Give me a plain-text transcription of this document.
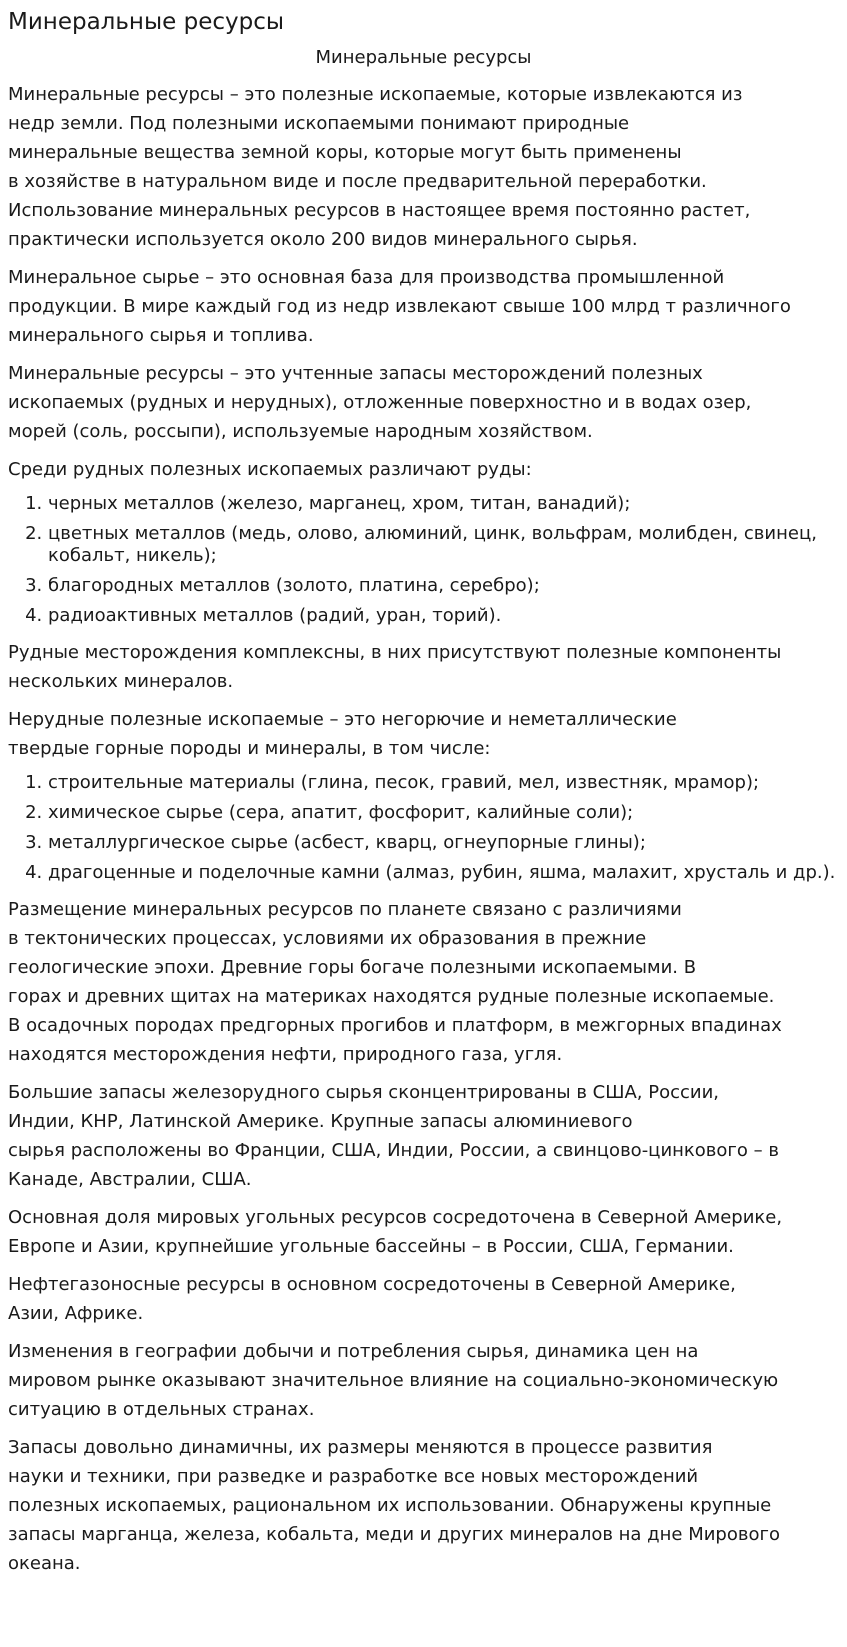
Минеральные ресурсы
Минеральные ресурсы

Минеральные ресурсы – это полезные ископаемые, которые извлекаются из
недр земли. Под полезными ископаемыми понимают природные
минеральные вещества земной коры, которые могут быть применены
в хозяйстве в натуральном виде и после предварительной переработки.
Использование минеральных ресурсов в настоящее время постоянно растет,
практически используется около 200 видов минерального сырья.

Минеральное сырье – это основная база для производства промышленной
продукции. В мире каждый год из недр извлекают свыше 100 млрд т различного
минерального сырья и топлива.

Минеральные ресурсы – это учтенные запасы месторождений полезных
ископаемых (рудных и нерудных), отложенные поверхностно и в водах озер,
морей (соль, россыпи), используемые народным хозяйством.

Среди рудных полезных ископаемых различают руды:

1. черных металлов (железо, марганец, хром, титан, ванадий);
2. цветных металлов (медь, олово, алюминий, цинк, вольфрам, молибден, свинец, кобальт, никель);
3. благородных металлов (золото, платина, серебро);
4. радиоактивных металлов (радий, уран, торий).

Рудные месторождения комплексны, в них присутствуют полезные компоненты
нескольких минералов.

Нерудные полезные ископаемые – это негорючие и неметаллические
твердые горные породы и минералы, в том числе:

1. строительные материалы (глина, песок, гравий, мел, известняк, мрамор);
2. химическое сырье (сера, апатит, фосфорит, калийные соли);
3. металлургическое сырье (асбест, кварц, огнеупорные глины);
4. драгоценные и поделочные камни (алмаз, рубин, яшма, малахит, хрусталь и др.).

Размещение минеральных ресурсов по планете связано с различиями
в тектонических процессах, условиями их образования в прежние
геологические эпохи. Древние горы богаче полезными ископаемыми. В
горах и древних щитах на материках находятся рудные полезные ископаемые.
В осадочных породах предгорных прогибов и платформ, в межгорных впадинах
находятся месторождения нефти, природного газа, угля.

Большие запасы железорудного сырья сконцентрированы в США, России,
Индии, КНР, Латинской Америке. Крупные запасы алюминиевого
сырья расположены во Франции, США, Индии, России, а свинцово-цинкового – в
Канаде, Австралии, США.

Основная доля мировых угольных ресурсов сосредоточена в Северной Америке,
Европе и Азии, крупнейшие угольные бассейны – в России, США, Германии.

Нефтегазоносные ресурсы в основном сосредоточены в Северной Америке,
Азии, Африке.

Изменения в географии добычи и потребления сырья, динамика цен на
мировом рынке оказывают значительное влияние на социально-экономическую
ситуацию в отдельных странах.

Запасы довольно динамичны, их размеры меняются в процессе развития
науки и техники, при разведке и разработке все новых месторождений
полезных ископаемых, рациональном их использовании. Обнаружены крупные
запасы марганца, железа, кобальта, меди и других минералов на дне Мирового
океана.
